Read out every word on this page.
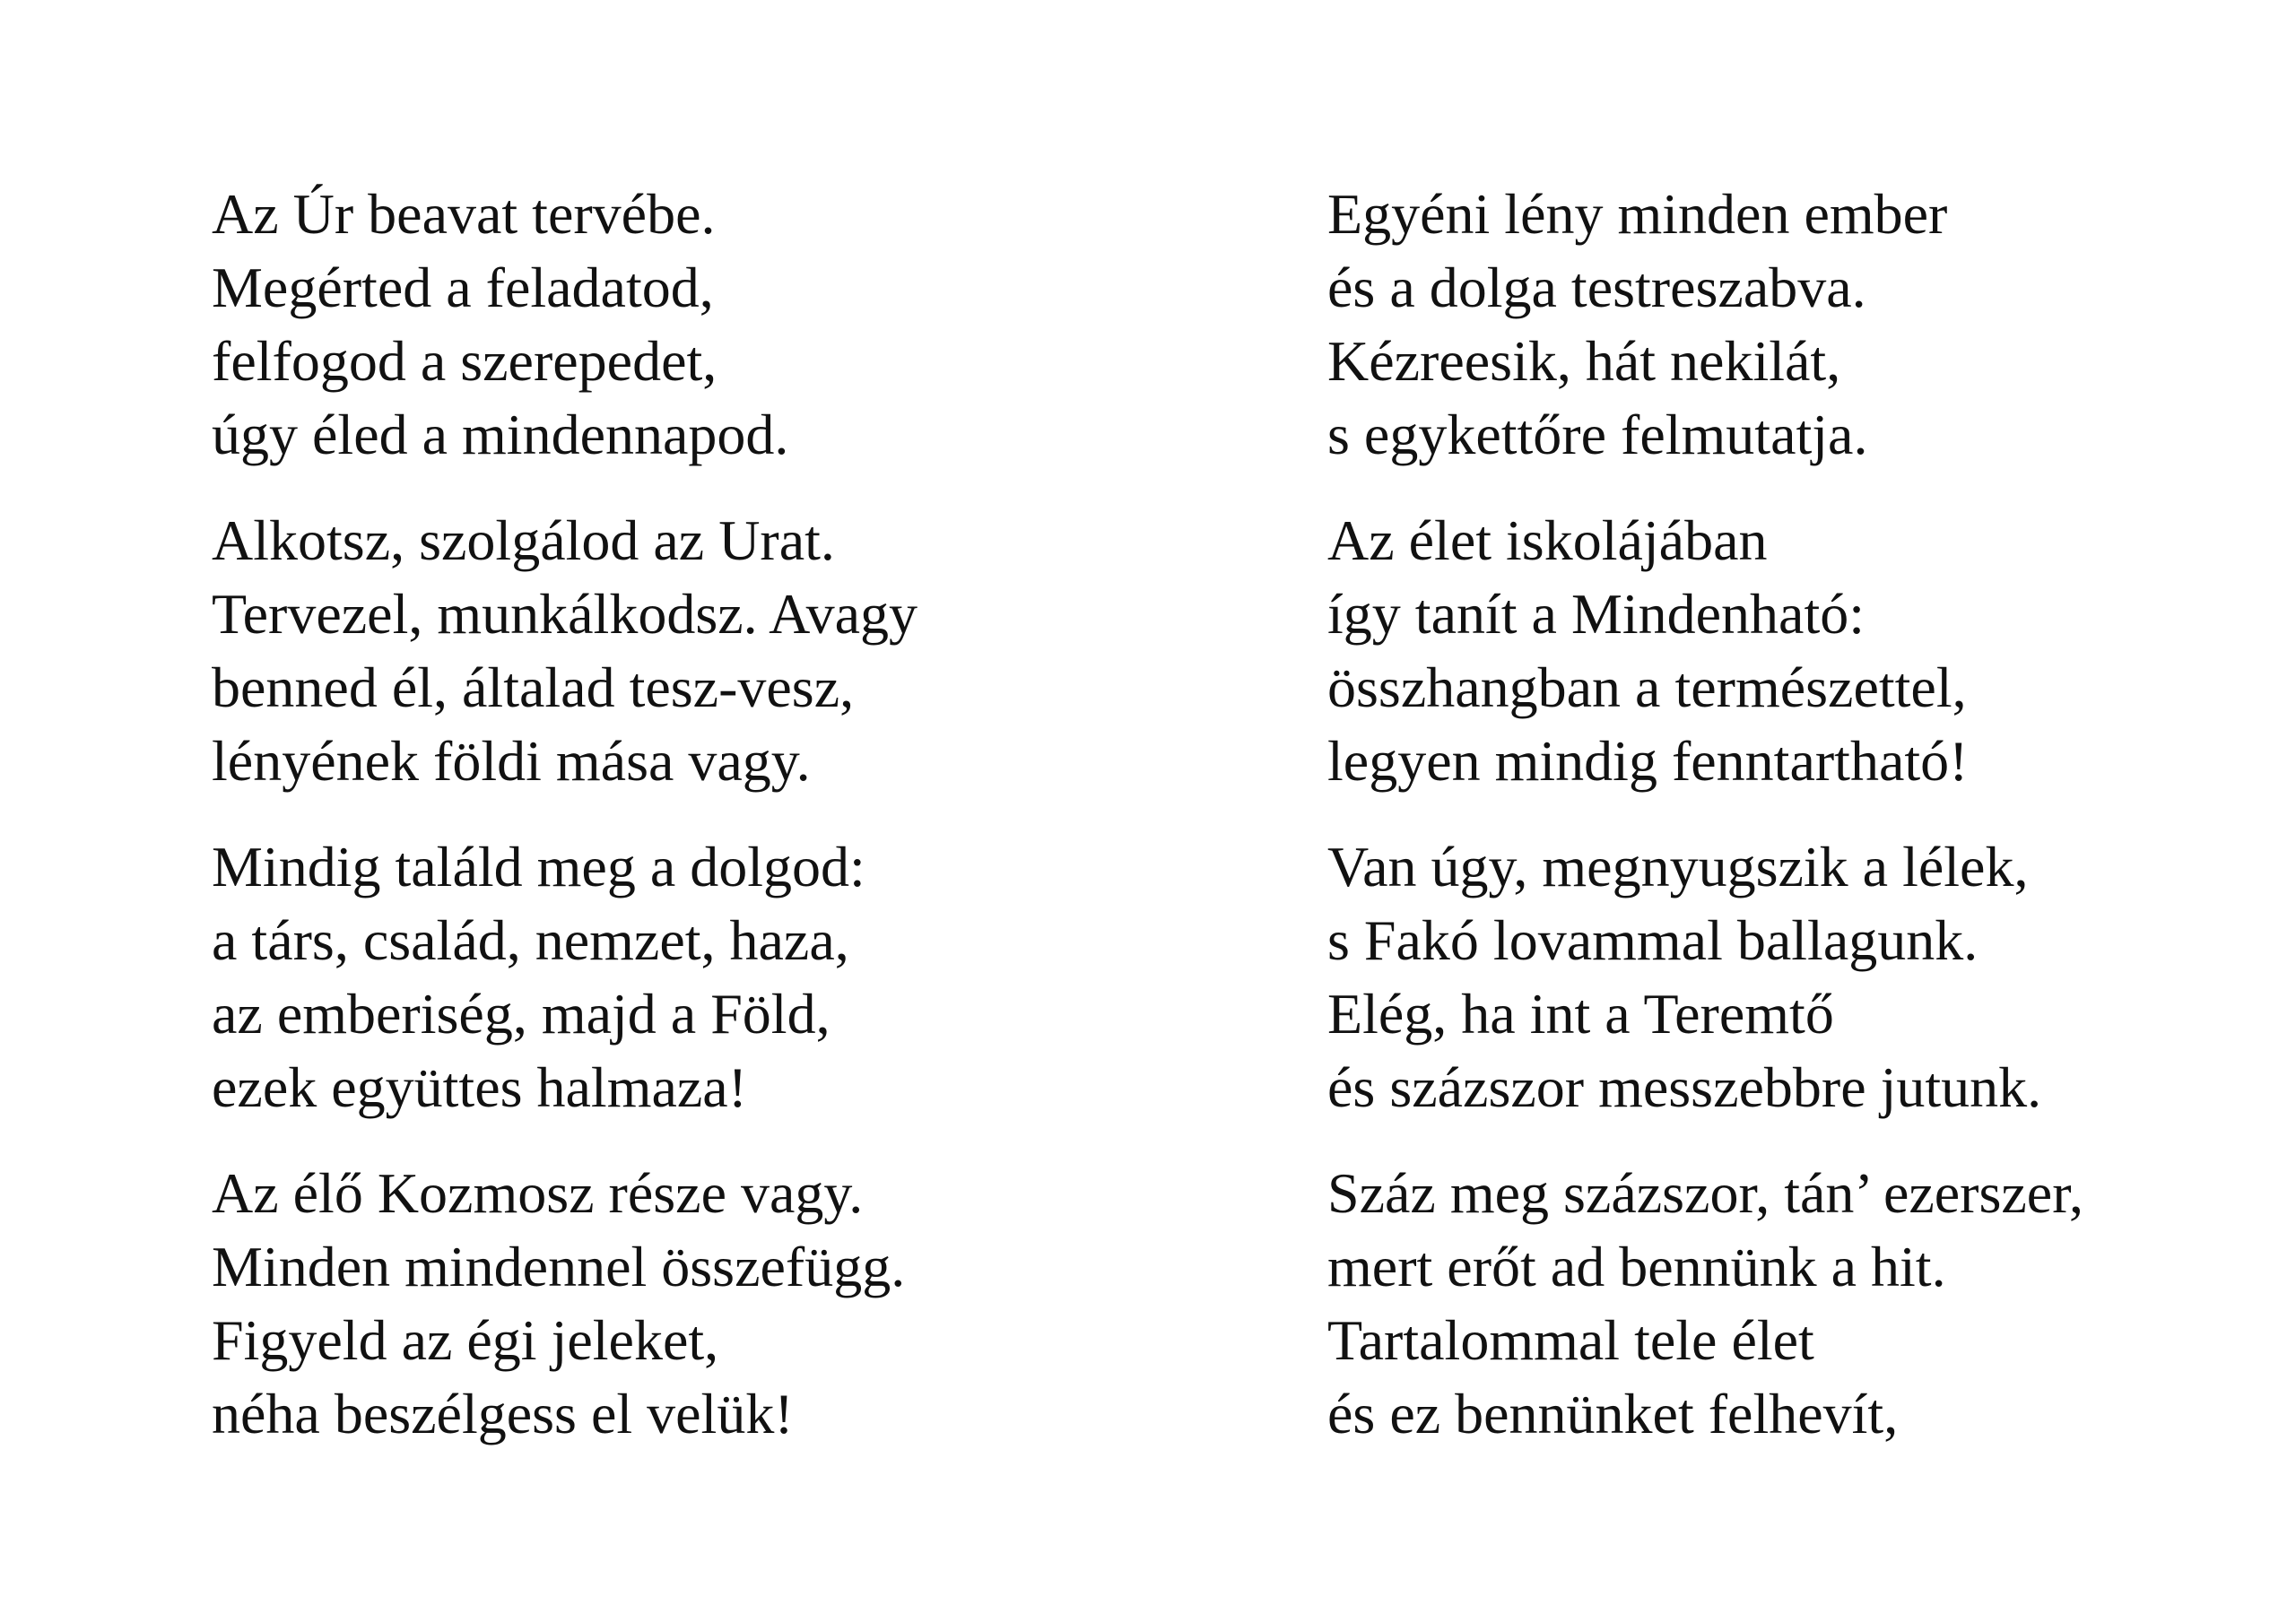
Az Úr beavat tervébe.
Megérted a feladatod,
felfogod a szerepedet,
úgy éled a mindennapod.
Alkotsz, szolgálod az Urat.
Tervezel, munkálkodsz. Avagy
benned él, általad tesz-vesz,
lényének földi mása vagy.
Mindig találd meg a dolgod:
a társ, család, nemzet, haza,
az emberiség, majd a Föld,
ezek együttes halmaza!
Az élő Kozmosz része vagy.
Minden mindennel összefügg.
Figyeld az égi jeleket,
néha beszélgess el velük!
Egyéni lény minden ember
és a dolga testreszabva.
Kézreesik, hát nekilát,
s egykettőre felmutatja.
Az élet iskolájában
így tanít a Mindenható:
összhangban a természettel,
legyen mindig fenntartható!
Van úgy, megnyugszik a lélek,
s Fakó lovammal ballagunk.
Elég, ha int a Teremtő
és százszor messzebbre jutunk.
Száz meg százszor, tán’ ezerszer,
mert erőt ad bennünk a hit.
Tartalommal tele élet
és ez bennünket felhevít,
